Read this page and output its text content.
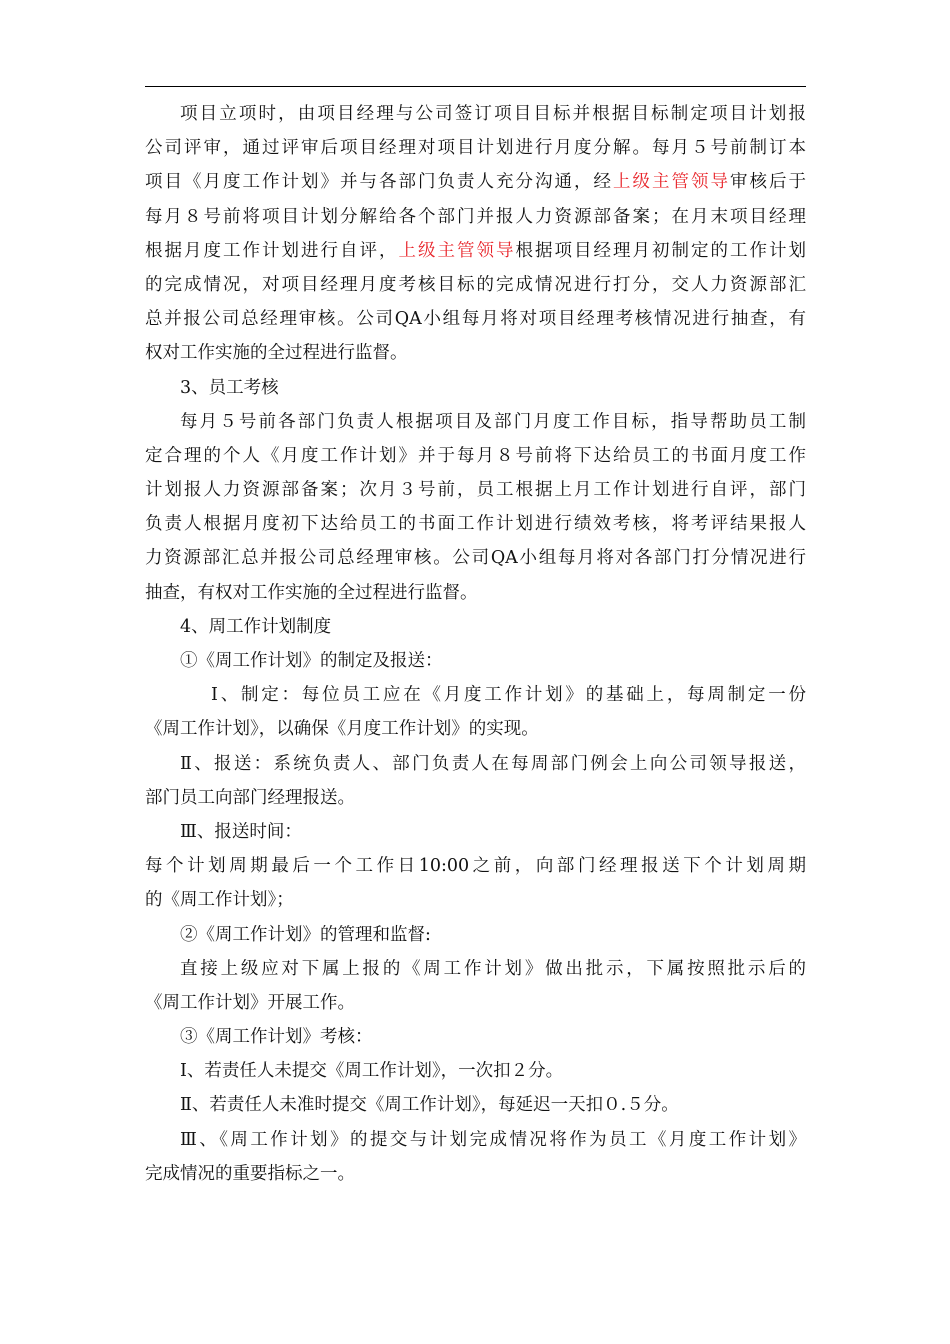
项目立项时，由项目经理与公司签订项目目标并根据目标制定项目计划报
公司评审，通过评审后项目经理对项目计划进行月度分解。每月５号前制订本
项目《月度工作计划》并与各部门负责人充分沟通，经上级主管领导审核后于
每月８号前将项目计划分解给各个部门并报人力资源部备案；在月末项目经理
根据月度工作计划进行自评，上级主管领导根据项目经理月初制定的工作计划
的完成情况，对项目经理月度考核目标的完成情况进行打分，交人力资源部汇
总并报公司总经理审核。公司QA小组每月将对项目经理考核情况进行抽查，有
权对工作实施的全过程进行监督。
3、员工考核
每月５号前各部门负责人根据项目及部门月度工作目标，指导帮助员工制
定合理的个人《月度工作计划》并于每月８号前将下达给员工的书面月度工作
计划报人力资源部备案；次月３号前，员工根据上月工作计划进行自评，部门
负责人根据月度初下达给员工的书面工作计划进行绩效考核，将考评结果报人
力资源部汇总并报公司总经理审核。公司QA小组每月将对各部门打分情况进行
抽查，有权对工作实施的全过程进行监督。
4、周工作计划制度
①《周工作计划》的制定及报送：
Ⅰ、制定：每位员工应在《月度工作计划》的基础上，每周制定一份
《周工作计划》，以确保《月度工作计划》的实现。
Ⅱ、报送：系统负责人、部门负责人在每周部门例会上向公司领导报送，
部门员工向部门经理报送。
Ⅲ、报送时间：
每个计划周期最后一个工作日10:00之前，向部门经理报送下个计划周期
的《周工作计划》；
②《周工作计划》的管理和监督:
直接上级应对下属上报的《周工作计划》做出批示，下属按照批示后的
《周工作计划》开展工作。
③《周工作计划》考核：
Ⅰ、若责任人未提交《周工作计划》，一次扣２分。
Ⅱ、若责任人未准时提交《周工作计划》，每延迟一天扣０.５分。
Ⅲ、《周工作计划》的提交与计划完成情况将作为员工《月度工作计划》
完成情况的重要指标之一。
